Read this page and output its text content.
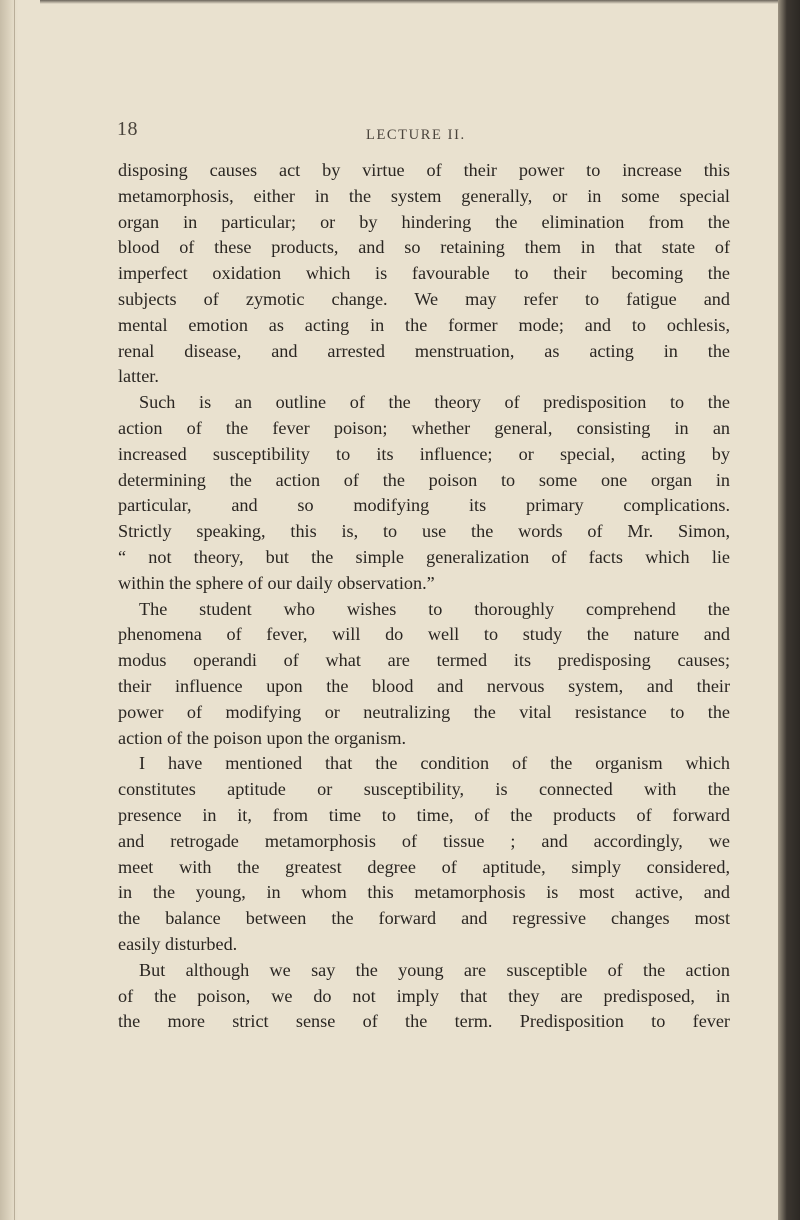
18	LECTURE II.
disposing causes act by virtue of their power to increase this
metamorphosis, either in the system generally, or in some special
organ in particular; or by hindering the elimination from the
blood of these products, and so retaining them in that state of
imperfect oxidation which is favourable to their becoming the
subjects of zymotic change. We may refer to fatigue and
mental emotion as acting in the former mode; and to ochlesis,
renal disease, and arrested menstruation, as acting in the
latter.
Such is an outline of the theory of predisposition to the
action of the fever poison; whether general, consisting in an
increased susceptibility to its influence; or special, acting by
determining the action of the poison to some one organ in
particular, and so modifying its primary complications.
Strictly speaking, this is, to use the words of Mr. Simon,
“ not theory, but the simple generalization of facts which lie
within the sphere of our daily observation.”
The student who wishes to thoroughly comprehend the
phenomena of fever, will do well to study the nature and
modus operandi of what are termed its predisposing causes;
their influence upon the blood and nervous system, and their
power of modifying or neutralizing the vital resistance to the
action of the poison upon the organism.
I have mentioned that the condition of the organism which
constitutes aptitude or susceptibility, is connected with the
presence in it, from time to time, of the products of forward
and retrogade metamorphosis of tissue ; and accordingly, we
meet with the greatest degree of aptitude, simply considered,
in the young, in whom this metamorphosis is most active, and
the balance between the forward and regressive changes most
easily disturbed.
But although we say the young are susceptible of the action
of the poison, we do not imply that they are predisposed, in
the more strict sense of the term. Predisposition to fever
